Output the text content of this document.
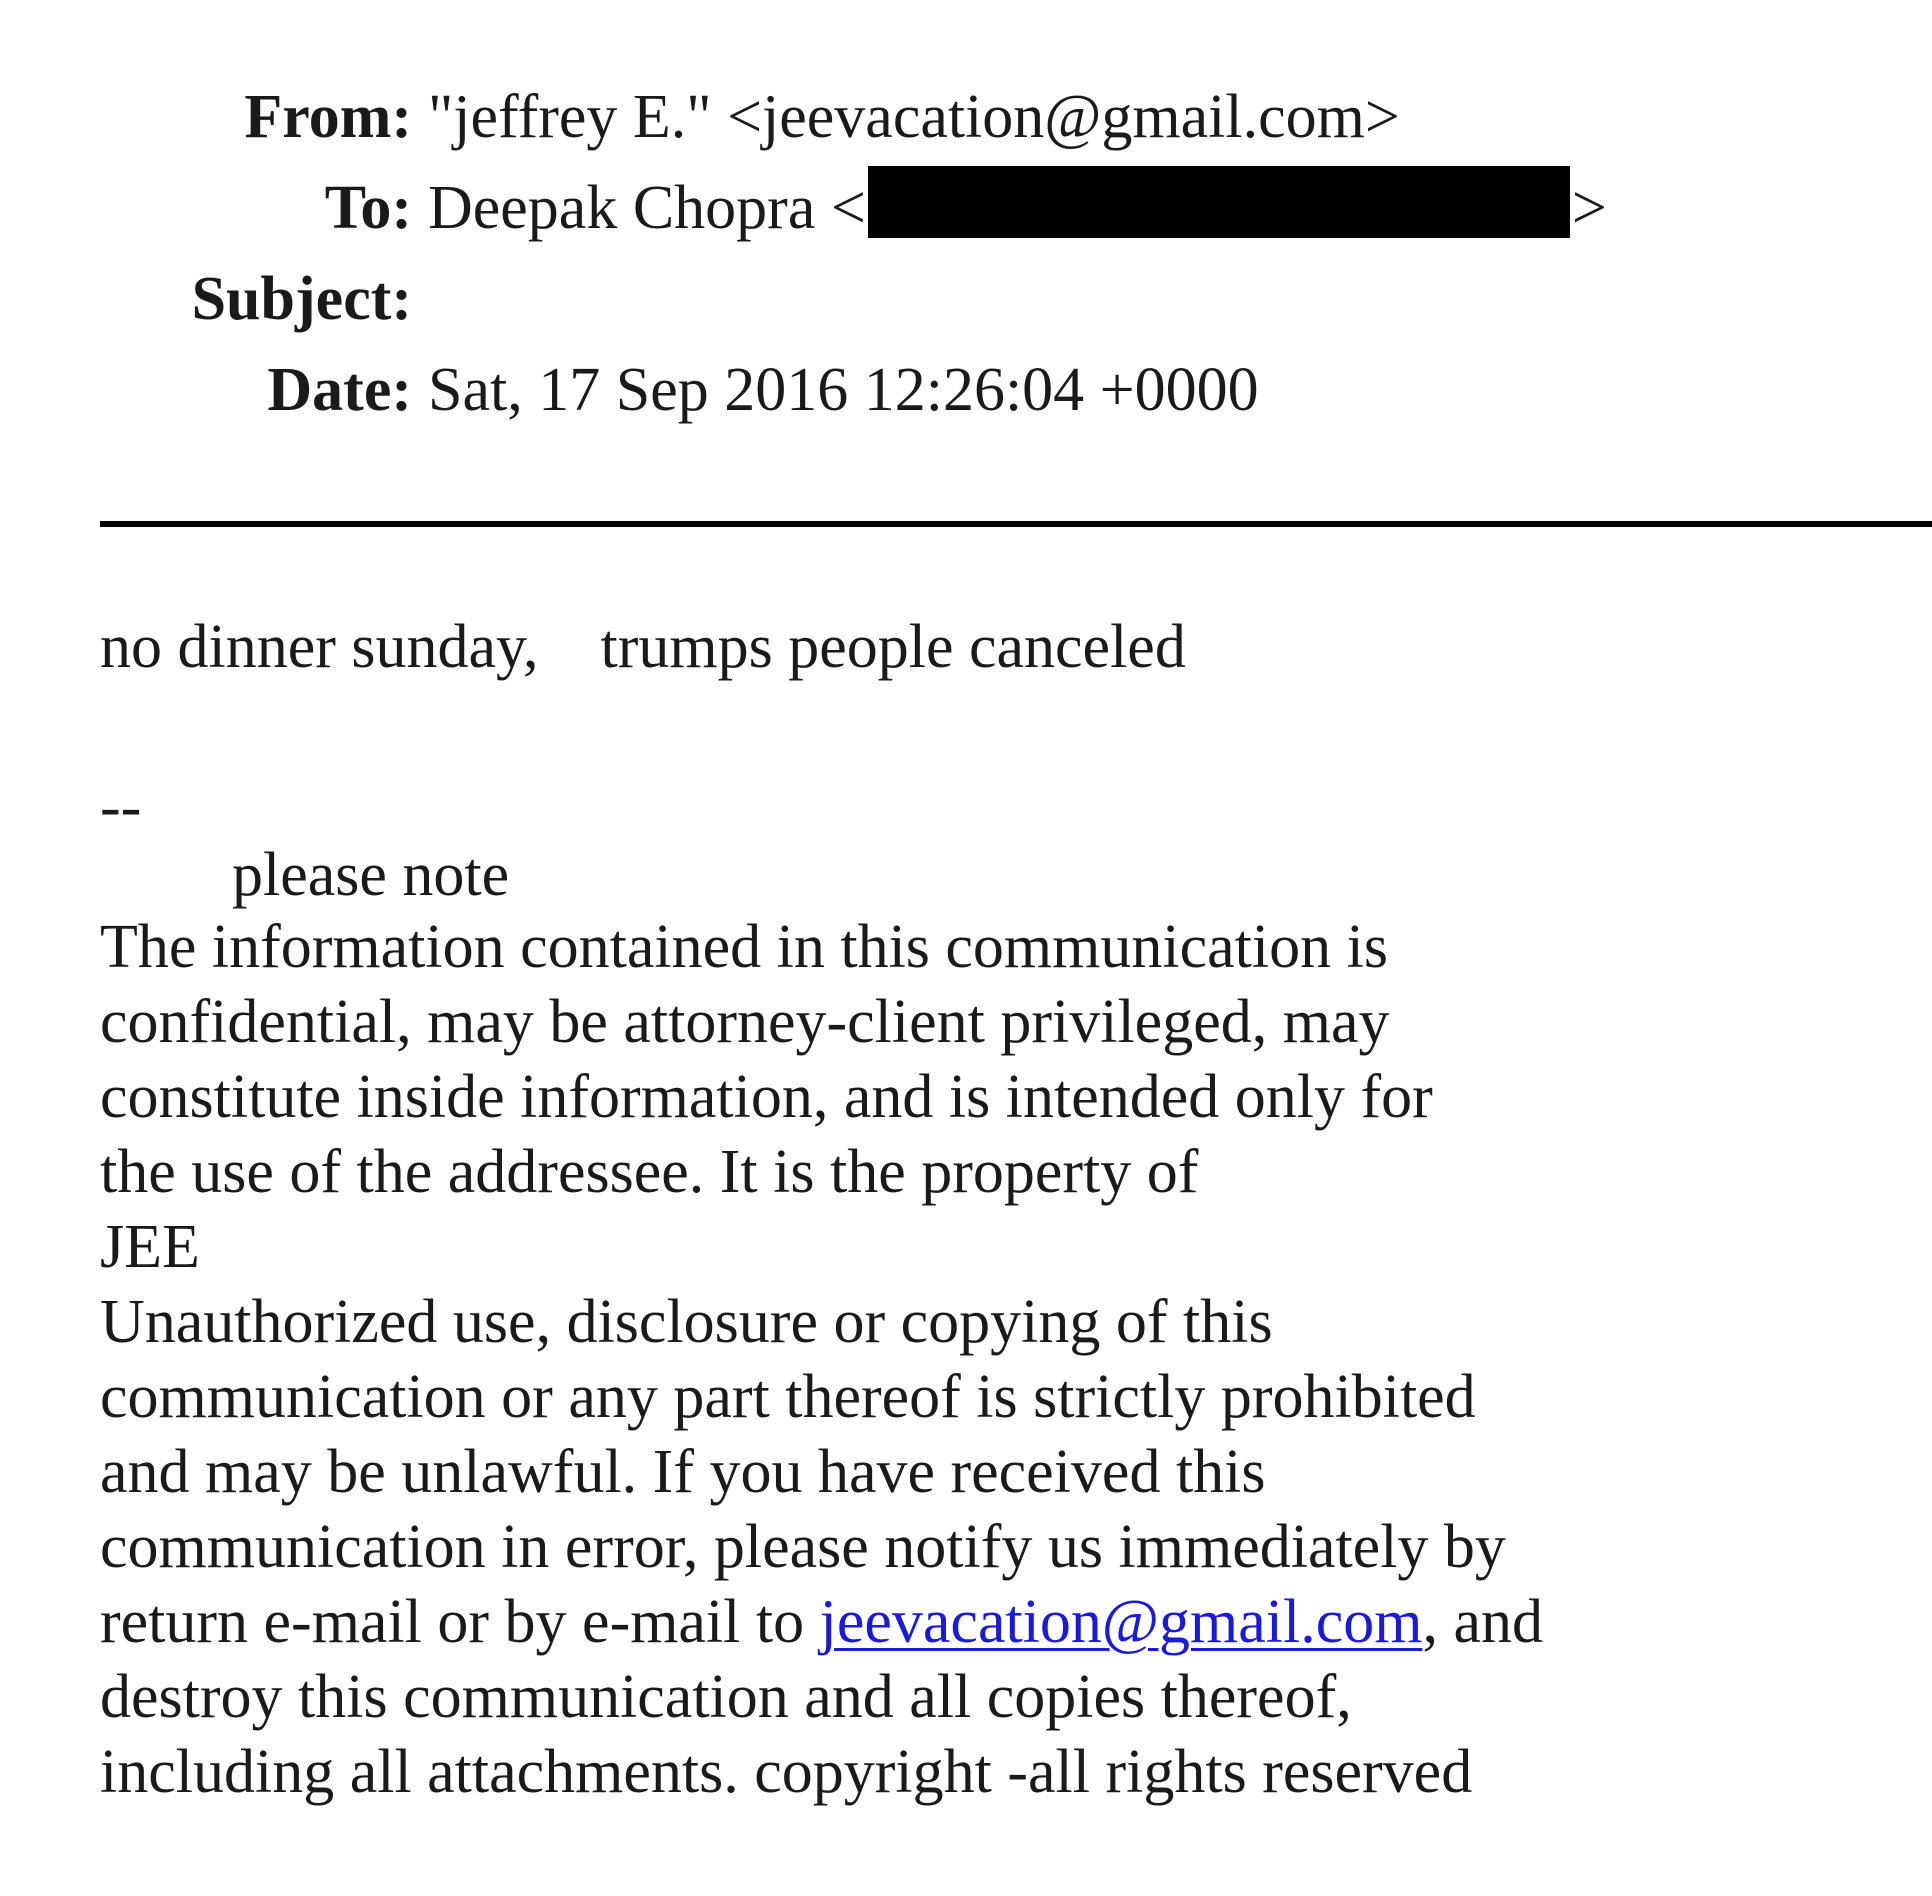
From: "jeffrey E." <jeevacation@gmail.com>
To: Deepak Chopra <	>
Subject:
Date: Sat, 17 Sep 2016 12:26:04 +0000
no dinner sunday,    trumps people canceled
--
please note
The information contained in this communication is
confidential, may be attorney-client privileged, may
constitute inside information, and is intended only for
the use of the addressee. It is the property of
JEE
Unauthorized use, disclosure or copying of this
communication or any part thereof is strictly prohibited
and may be unlawful. If you have received this
communication in error, please notify us immediately by
return e-mail or by e-mail to jeevacation@gmail.com, and
destroy this communication and all copies thereof,
including all attachments. copyright -all rights reserved
